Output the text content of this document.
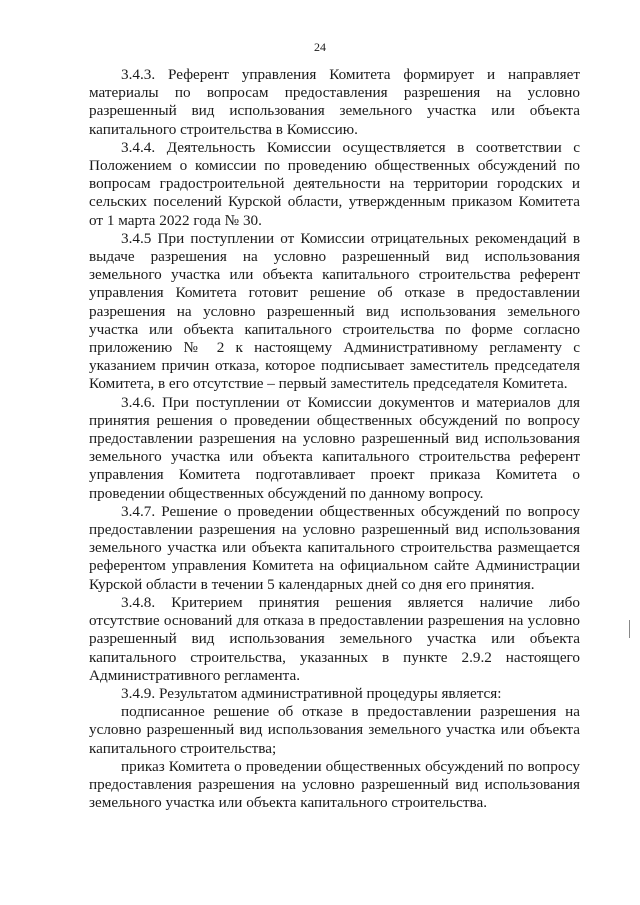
24

3.4.3. Референт управления Комитета формирует и направляет материалы по вопросам предоставления разрешения на условно разрешенный вид использования земельного участка или объекта капитального строительства в Комиссию.

3.4.4. Деятельность Комиссии осуществляется в соответствии с Положением о комиссии по проведению общественных обсуждений по вопросам градостроительной деятельности на территории городских и сельских поселений Курской области, утвержденным приказом Комитета от 1 марта 2022 года № 30.

3.4.5 При поступлении от Комиссии отрицательных рекомендаций в выдаче разрешения на условно разрешенный вид использования земельного участка или объекта капитального строительства референт управления Комитета готовит решение об отказе в предоставлении разрешения на условно разрешенный вид использования земельного участка или объекта капитального строительства по форме согласно приложению № 2 к настоящему Административному регламенту с указанием причин отказа, которое подписывает заместитель председателя Комитета, в его отсутствие – первый заместитель председателя Комитета.

3.4.6. При поступлении от Комиссии документов и материалов для принятия решения о проведении общественных обсуждений по вопросу предоставлении разрешения на условно разрешенный вид использования земельного участка или объекта капитального строительства референт управления Комитета подготавливает проект приказа Комитета о проведении общественных обсуждений по данному вопросу.

3.4.7. Решение о проведении общественных обсуждений по вопросу предоставлении разрешения на условно разрешенный вид использования земельного участка или объекта капитального строительства размещается референтом управления Комитета на официальном сайте Администрации Курской области в течении 5 календарных дней со дня его принятия.

3.4.8. Критерием принятия решения является наличие либо отсутствие оснований для отказа в предоставлении разрешения на условно разрешенный вид использования земельного участка или объекта капитального строительства, указанных в пункте 2.9.2 настоящего Административного регламента.

3.4.9. Результатом административной процедуры является:

подписанное решение об отказе в предоставлении разрешения на условно разрешенный вид использования земельного участка или объекта капитального строительства;

приказ Комитета о проведении общественных обсуждений по вопросу предоставления разрешения на условно разрешенный вид использования земельного участка или объекта капитального строительства.
